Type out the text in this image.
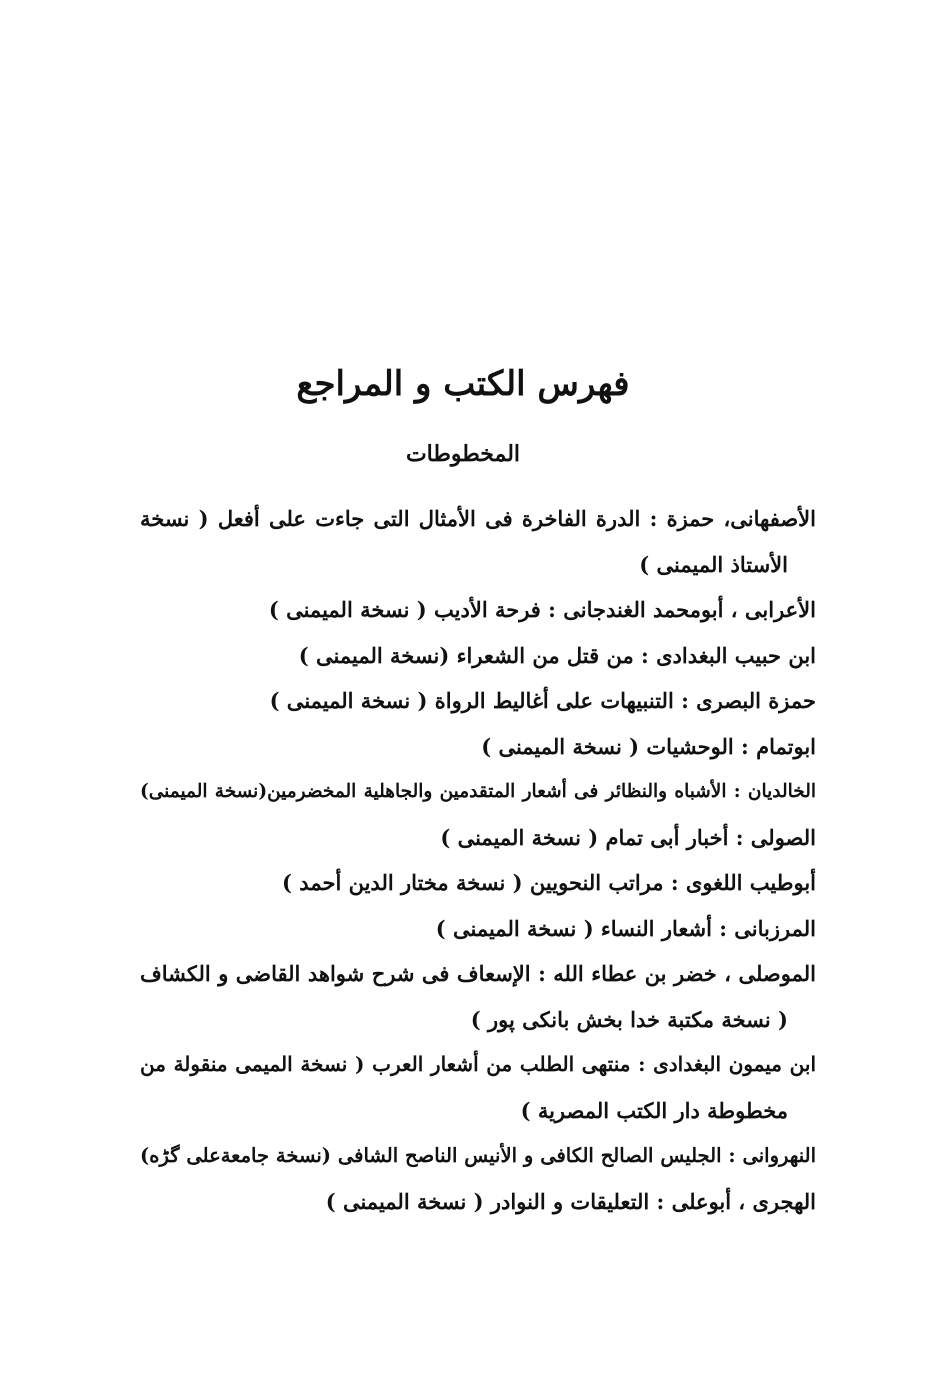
فهرس الكتب و المراجع
المخطوطات
الأصفهانى، حمزة : الدرة الفاخرة فى الأمثال التى جاءت على أفعل ( نسخة
الأستاذ الميمنى )
الأعرابى ، أبومحمد الغندجانى : فرحة الأديب ( نسخة الميمنى )
ابن حبيب البغدادى : من قتل من الشعراء (نسخة الميمنى )
حمزة البصرى : التنبيهات على أغاليط الرواة ( نسخة الميمنى )
ابوتمام : الوحشيات ( نسخة الميمنى )
الخالديان : الأشباه والنظائر فى أشعار المتقدمين والجاهلية المخضرمين(نسخة الميمنى)
الصولى : أخبار أبى تمام ( نسخة الميمنى )
أبوطيب اللغوى : مراتب النحويين ( نسخة مختار الدين أحمد )
المرزبانى : أشعار النساء ( نسخة الميمنى )
الموصلى ، خضر بن عطاء الله : الإسعاف فى شرح شواهد القاضى و الكشاف
( نسخة مكتبة خدا بخش بانكى پور )
ابن ميمون البغدادى : منتهى الطلب من أشعار العرب ( نسخة الميمى منقولة من
مخطوطة دار الكتب المصرية )
النهروانى : الجليس الصالح الكافى و الأنيس الناصح الشافى (نسخة جامعةعلى گڑه)
الهجرى ، أبوعلى : التعليقات و النوادر ( نسخة الميمنى )
